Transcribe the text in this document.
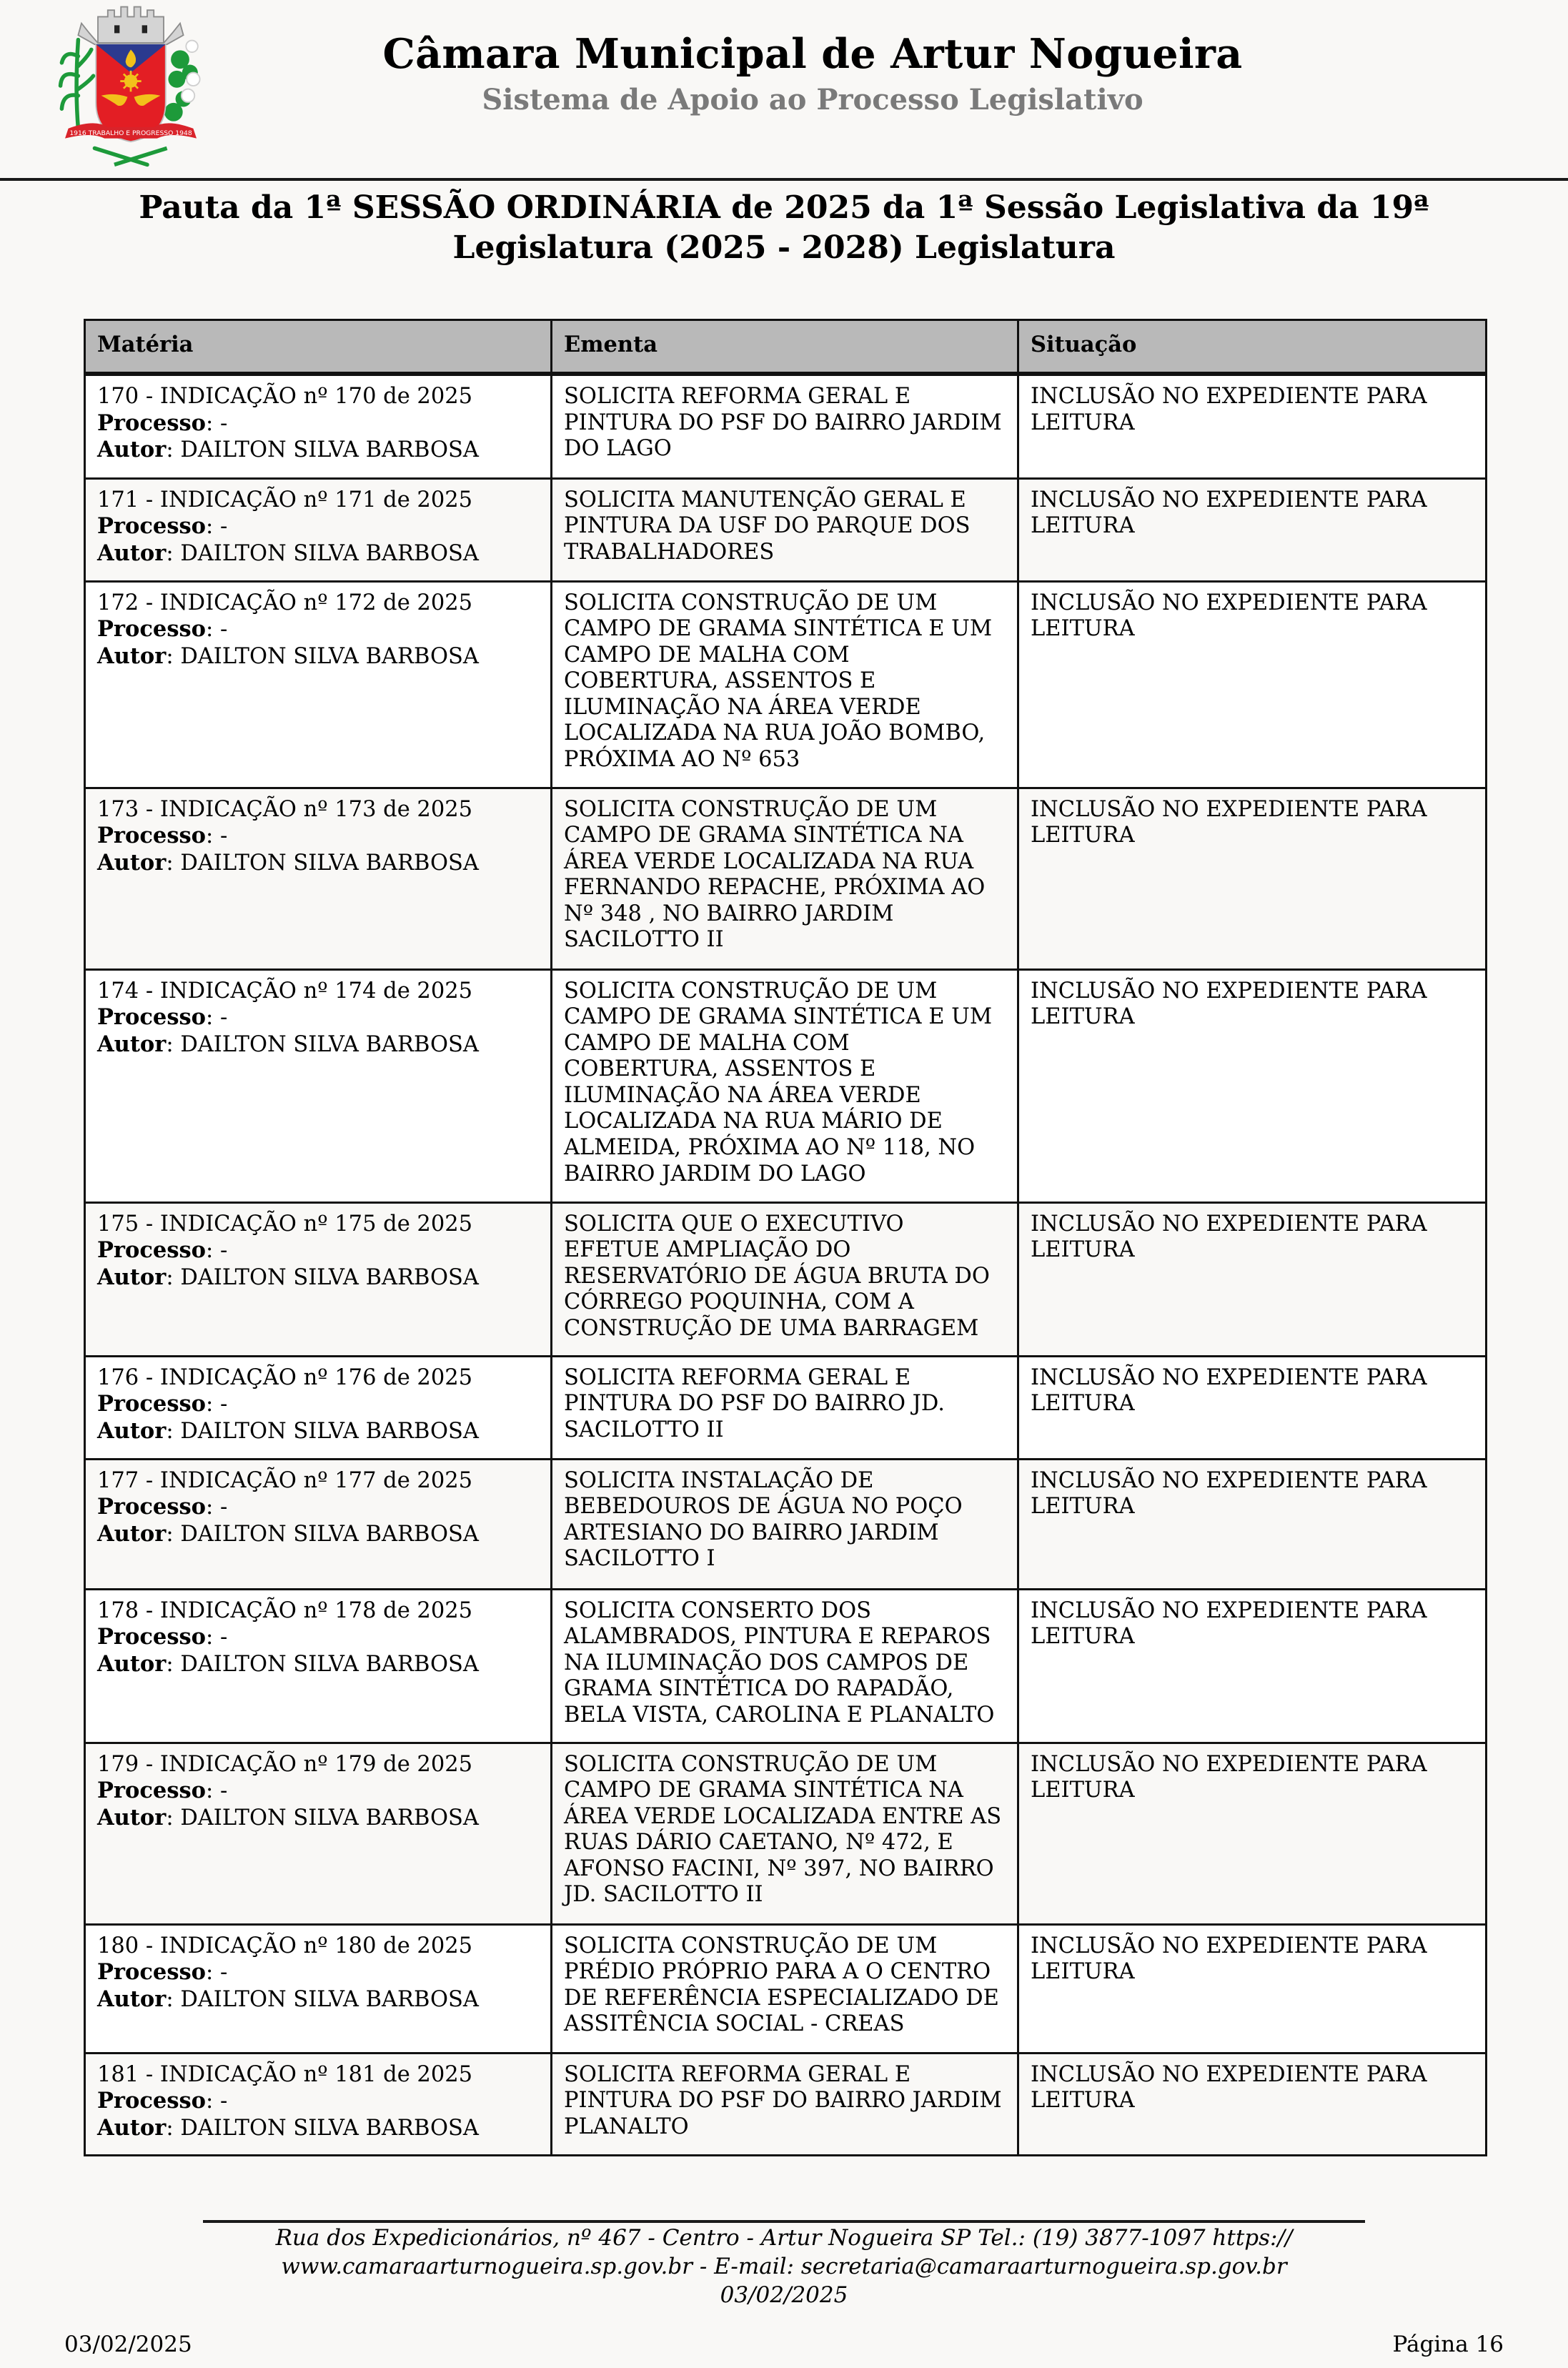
1916 TRABALHO E PROGRESSO 1948
Câmara Municipal de Artur Nogueira
Sistema de Apoio ao Processo Legislativo
Pauta da 1ª SESSÃO ORDINÁRIA de 2025 da 1ª Sessão Legislativa da 19ª
Legislatura (2025 - 2028) Legislatura
Matéria	Ementa	Situação

170 - INDICAÇÃO nº 170 de 2025
Processo: -
Autor: DAILTON SILVA BARBOSA	SOLICITA REFORMA GERAL E PINTURA DO PSF DO BAIRRO JARDIM DO LAGO	INCLUSÃO NO EXPEDIENTE PARA LEITURA

171 - INDICAÇÃO nº 171 de 2025
Processo: -
Autor: DAILTON SILVA BARBOSA	SOLICITA MANUTENÇÃO GERAL E PINTURA DA USF DO PARQUE DOS TRABALHADORES	INCLUSÃO NO EXPEDIENTE PARA LEITURA

172 - INDICAÇÃO nº 172 de 2025
Processo: -
Autor: DAILTON SILVA BARBOSA	SOLICITA CONSTRUÇÃO DE UM CAMPO DE GRAMA SINTÉTICA E UM CAMPO DE MALHA COM COBERTURA, ASSENTOS E ILUMINAÇÃO NA ÁREA VERDE LOCALIZADA NA RUA JOÃO BOMBO, PRÓXIMA AO Nº 653	INCLUSÃO NO EXPEDIENTE PARA LEITURA

173 - INDICAÇÃO nº 173 de 2025
Processo: -
Autor: DAILTON SILVA BARBOSA	SOLICITA CONSTRUÇÃO DE UM CAMPO DE GRAMA SINTÉTICA NA ÁREA VERDE LOCALIZADA NA RUA FERNANDO REPACHE, PRÓXIMA AO Nº 348 , NO BAIRRO JARDIM SACILOTTO II	INCLUSÃO NO EXPEDIENTE PARA LEITURA

174 - INDICAÇÃO nº 174 de 2025
Processo: -
Autor: DAILTON SILVA BARBOSA
	SOLICITA CONSTRUÇÃO DE UM CAMPO DE GRAMA SINTÉTICA E UM CAMPO DE MALHA COM COBERTURA, ASSENTOS E ILUMINAÇÃO NA ÁREA VERDE LOCALIZADA NA RUA MÁRIO DE ALMEIDA, PRÓXIMA AO Nº 118, NO BAIRRO JARDIM DO LAGO	INCLUSÃO NO EXPEDIENTE PARA LEITURA

175 - INDICAÇÃO nº 175 de 2025
Processo: -
Autor: DAILTON SILVA BARBOSA	SOLICITA QUE O EXECUTIVO EFETUE AMPLIAÇÃO DO RESERVATÓRIO DE ÁGUA BRUTA DO CÓRREGO POQUINHA, COM A CONSTRUÇÃO DE UMA BARRAGEM	INCLUSÃO NO EXPEDIENTE PARA LEITURA

176 - INDICAÇÃO nº 176 de 2025
Processo: -
Autor: DAILTON SILVA BARBOSA	SOLICITA REFORMA GERAL E PINTURA DO PSF DO BAIRRO JD. SACILOTTO II	INCLUSÃO NO EXPEDIENTE PARA LEITURA

177 - INDICAÇÃO nº 177 de 2025
Processo: -
Autor: DAILTON SILVA BARBOSA	SOLICITA INSTALAÇÃO DE BEBEDOUROS DE ÁGUA NO POÇO ARTESIANO DO BAIRRO JARDIM SACILOTTO I	INCLUSÃO NO EXPEDIENTE PARA LEITURA

178 - INDICAÇÃO nº 178 de 2025
Processo: -
Autor: DAILTON SILVA BARBOSA	SOLICITA CONSERTO DOS ALAMBRADOS, PINTURA E REPAROS NA ILUMINAÇÃO DOS CAMPOS DE GRAMA SINTÉTICA DO RAPADÃO, BELA VISTA, CAROLINA E PLANALTO	INCLUSÃO NO EXPEDIENTE PARA LEITURA

179 - INDICAÇÃO nº 179 de 2025
Processo: -
Autor: DAILTON SILVA BARBOSA	SOLICITA CONSTRUÇÃO DE UM CAMPO DE GRAMA SINTÉTICA NA ÁREA VERDE LOCALIZADA ENTRE AS RUAS DÁRIO CAETANO, Nº 472, E AFONSO FACINI, Nº 397, NO BAIRRO JD. SACILOTTO II	INCLUSÃO NO EXPEDIENTE PARA LEITURA

180 - INDICAÇÃO nº 180 de 2025
Processo: -
Autor: DAILTON SILVA BARBOSA	SOLICITA CONSTRUÇÃO DE UM PRÉDIO PRÓPRIO PARA A O CENTRO DE REFERÊNCIA ESPECIALIZADO DE ASSITÊNCIA SOCIAL - CREAS	INCLUSÃO NO EXPEDIENTE PARA LEITURA

181 - INDICAÇÃO nº 181 de 2025
Processo: -
Autor: DAILTON SILVA BARBOSA	SOLICITA REFORMA GERAL E PINTURA DO PSF DO BAIRRO JARDIM PLANALTO	INCLUSÃO NO EXPEDIENTE PARA LEITURA
Rua dos Expedicionários, nº 467 - Centro - Artur Nogueira SP Tel.: (19) 3877-1097 https://
www.camaraarturnogueira.sp.gov.br - E-mail: secretaria@camaraarturnogueira.sp.gov.br
03/02/2025
03/02/2025	Página 16
